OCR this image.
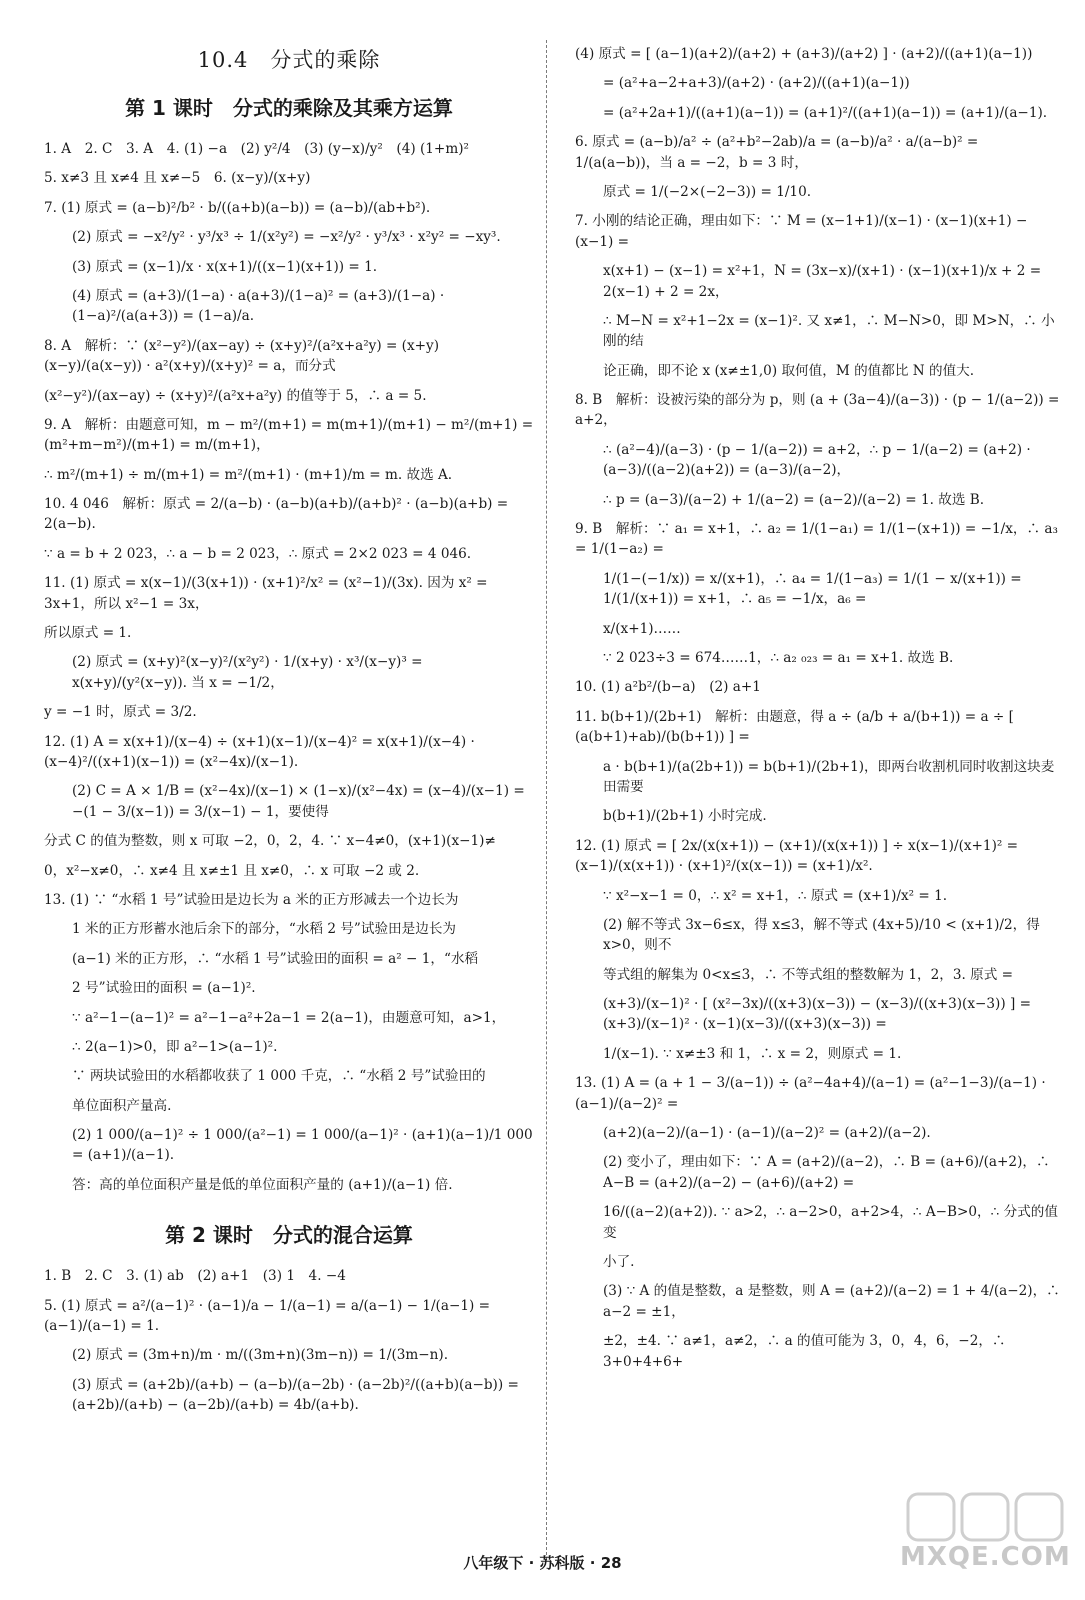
10.4　分式的乘除
第 1 课时　分式的乘除及其乘方运算
1. A　2. C　3. A　4. (1) −a　(2) y²/4　(3) (y−x)/y²　(4) (1+m)²
5. x≠3 且 x≠4 且 x≠−5　6. (x−y)/(x+y)
7. (1) 原式 = (a−b)²/b² · b/((a+b)(a−b)) = (a−b)/(ab+b²).
(2) 原式 = −x²/y² · y³/x³ ÷ 1/(x²y²) = −x²/y² · y³/x³ · x²y² = −xy³.
(3) 原式 = (x−1)/x · x(x+1)/((x−1)(x+1)) = 1.
(4) 原式 = (a+3)/(1−a) · a(a+3)/(1−a)² = (a+3)/(1−a) · (1−a)²/(a(a+3)) = (1−a)/a.
8. A　解析：∵ (x²−y²)/(ax−ay) ÷ (x+y)²/(a²x+a²y) = (x+y)(x−y)/(a(x−y)) · a²(x+y)/(x+y)² = a，而分式
(x²−y²)/(ax−ay) ÷ (x+y)²/(a²x+a²y) 的值等于 5，∴ a = 5.
9. A　解析：由题意可知，m − m²/(m+1) = m(m+1)/(m+1) − m²/(m+1) = (m²+m−m²)/(m+1) = m/(m+1)，
∴ m²/(m+1) ÷ m/(m+1) = m²/(m+1) · (m+1)/m = m. 故选 A.
10. 4 046　解析：原式 = 2/(a−b) · (a−b)(a+b)/(a+b)² · (a−b)(a+b) = 2(a−b).
∵ a = b + 2 023，∴ a − b = 2 023，∴ 原式 = 2×2 023 = 4 046.
11. (1) 原式 = x(x−1)/(3(x+1)) · (x+1)²/x² = (x²−1)/(3x). 因为 x² = 3x+1，所以 x²−1 = 3x，
所以原式 = 1.
(2) 原式 = (x+y)²(x−y)²/(x²y²) · 1/(x+y) · x³/(x−y)³ = x(x+y)/(y²(x−y)). 当 x = −1/2，
y = −1 时，原式 = 3/2.
12. (1) A = x(x+1)/(x−4) ÷ (x+1)(x−1)/(x−4)² = x(x+1)/(x−4) · (x−4)²/((x+1)(x−1)) = (x²−4x)/(x−1).
(2) C = A × 1/B = (x²−4x)/(x−1) × (1−x)/(x²−4x) = (x−4)/(x−1) = −(1 − 3/(x−1)) = 3/(x−1) − 1，要使得
分式 C 的值为整数，则 x 可取 −2，0，2，4. ∵ x−4≠0，(x+1)(x−1)≠
0，x²−x≠0，∴ x≠4 且 x≠±1 且 x≠0，∴ x 可取 −2 或 2.
13. (1) ∵ “水稻 1 号”试验田是边长为 a 米的正方形减去一个边长为
1 米的正方形蓄水池后余下的部分，“水稻 2 号”试验田是边长为
(a−1) 米的正方形，∴ “水稻 1 号”试验田的面积 = a² − 1，“水稻
2 号”试验田的面积 = (a−1)².
∵ a²−1−(a−1)² = a²−1−a²+2a−1 = 2(a−1)，由题意可知，a>1，
∴ 2(a−1)>0，即 a²−1>(a−1)².
∵ 两块试验田的水稻都收获了 1 000 千克，∴ “水稻 2 号”试验田的
单位面积产量高.
(2) 1 000/(a−1)² ÷ 1 000/(a²−1) = 1 000/(a−1)² · (a+1)(a−1)/1 000 = (a+1)/(a−1).
答：高的单位面积产量是低的单位面积产量的 (a+1)/(a−1) 倍.
第 2 课时　分式的混合运算
1. B　2. C　3. (1) ab　(2) a+1　(3) 1　4. −4
5. (1) 原式 = a²/(a−1)² · (a−1)/a − 1/(a−1) = a/(a−1) − 1/(a−1) = (a−1)/(a−1) = 1.
(2) 原式 = (3m+n)/m · m/((3m+n)(3m−n)) = 1/(3m−n).
(3) 原式 = (a+2b)/(a+b) − (a−b)/(a−2b) · (a−2b)²/((a+b)(a−b)) = (a+2b)/(a+b) − (a−2b)/(a+b) = 4b/(a+b).
(4) 原式 = [ (a−1)(a+2)/(a+2) + (a+3)/(a+2) ] · (a+2)/((a+1)(a−1))
= (a²+a−2+a+3)/(a+2) · (a+2)/((a+1)(a−1))
= (a²+2a+1)/((a+1)(a−1)) = (a+1)²/((a+1)(a−1)) = (a+1)/(a−1).
6. 原式 = (a−b)/a² ÷ (a²+b²−2ab)/a = (a−b)/a² · a/(a−b)² = 1/(a(a−b))，当 a = −2，b = 3 时，
原式 = 1/(−2×(−2−3)) = 1/10.
7. 小刚的结论正确，理由如下：∵ M = (x−1+1)/(x−1) · (x−1)(x+1) − (x−1) =
x(x+1) − (x−1) = x²+1，N = (3x−x)/(x+1) · (x−1)(x+1)/x + 2 = 2(x−1) + 2 = 2x，
∴ M−N = x²+1−2x = (x−1)². 又 x≠1，∴ M−N>0，即 M>N，∴ 小刚的结
论正确，即不论 x (x≠±1,0) 取何值，M 的值都比 N 的值大.
8. B　解析：设被污染的部分为 p，则 (a + (3a−4)/(a−3)) · (p − 1/(a−2)) = a+2，
∴ (a²−4)/(a−3) · (p − 1/(a−2)) = a+2，∴ p − 1/(a−2) = (a+2) · (a−3)/((a−2)(a+2)) = (a−3)/(a−2)，
∴ p = (a−3)/(a−2) + 1/(a−2) = (a−2)/(a−2) = 1. 故选 B.
9. B　解析：∵ a₁ = x+1，∴ a₂ = 1/(1−a₁) = 1/(1−(x+1)) = −1/x，∴ a₃ = 1/(1−a₂) =
1/(1−(−1/x)) = x/(x+1)，∴ a₄ = 1/(1−a₃) = 1/(1 − x/(x+1)) = 1/(1/(x+1)) = x+1，∴ a₅ = −1/x，a₆ =
x/(x+1)……
∵ 2 023÷3 = 674……1，∴ a₂ ₀₂₃ = a₁ = x+1. 故选 B.
10. (1) a²b²/(b−a)　(2) a+1
11. b(b+1)/(2b+1)　解析：由题意，得 a ÷ (a/b + a/(b+1)) = a ÷ [ (a(b+1)+ab)/(b(b+1)) ] =
a · b(b+1)/(a(2b+1)) = b(b+1)/(2b+1)，即两台收割机同时收割这块麦田需要
b(b+1)/(2b+1) 小时完成.
12. (1) 原式 = [ 2x/(x(x+1)) − (x+1)/(x(x+1)) ] ÷ x(x−1)/(x+1)² = (x−1)/(x(x+1)) · (x+1)²/(x(x−1)) = (x+1)/x².
∵ x²−x−1 = 0，∴ x² = x+1，∴ 原式 = (x+1)/x² = 1.
(2) 解不等式 3x−6≤x，得 x≤3，解不等式 (4x+5)/10 < (x+1)/2，得 x>0，则不
等式组的解集为 0<x≤3，∴ 不等式组的整数解为 1，2，3. 原式 =
(x+3)/(x−1)² · [ (x²−3x)/((x+3)(x−3)) − (x−3)/((x+3)(x−3)) ] = (x+3)/(x−1)² · (x−1)(x−3)/((x+3)(x−3)) =
1/(x−1). ∵ x≠±3 和 1，∴ x = 2，则原式 = 1.
13. (1) A = (a + 1 − 3/(a−1)) ÷ (a²−4a+4)/(a−1) = (a²−1−3)/(a−1) · (a−1)/(a−2)² =
(a+2)(a−2)/(a−1) · (a−1)/(a−2)² = (a+2)/(a−2).
(2) 变小了，理由如下：∵ A = (a+2)/(a−2)，∴ B = (a+6)/(a+2)，∴ A−B = (a+2)/(a−2) − (a+6)/(a+2) =
16/((a−2)(a+2)). ∵ a>2，∴ a−2>0，a+2>4，∴ A−B>0，∴ 分式的值变
小了.
(3) ∵ A 的值是整数，a 是整数，则 A = (a+2)/(a−2) = 1 + 4/(a−2)，∴ a−2 = ±1，
±2，±4. ∵ a≠1，a≠2，∴ a 的值可能为 3，0，4，6，−2，∴ 3+0+4+6+
八年级下 · 苏科版 · 28	MXQE.COM
